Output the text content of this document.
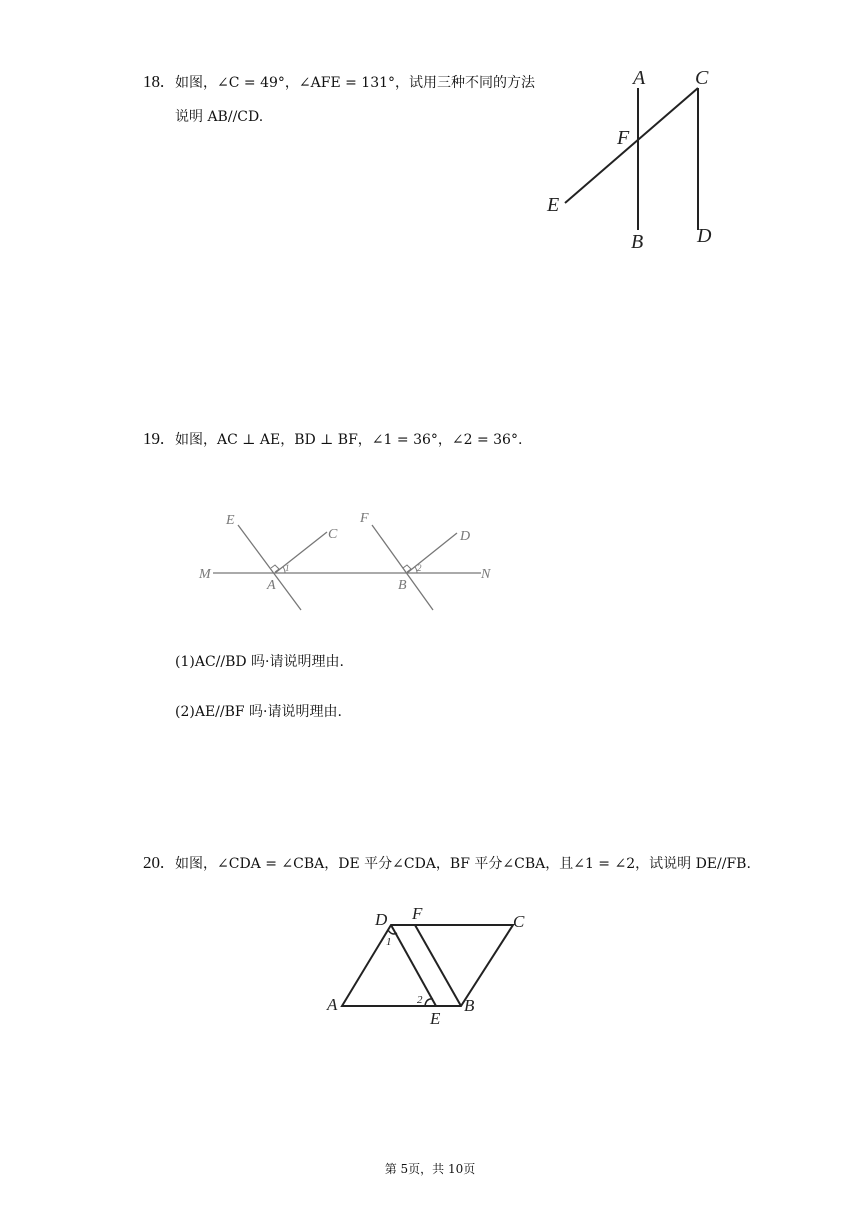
18. 如图，∠C = 49°，∠AFE = 131°，试用三种不同的方法
说明 AB//CD.
A C
F
E
B	D
19. 如图，AC ⊥ AE，BD ⊥ BF，∠1 = 36°，∠2 = 36°.
E
C
F
D
M
A	B
N
1	2
(1)AC//BD 吗·请说明理由.
(2)AE//BF 吗·请说明理由.
20. 如图，∠CDA = ∠CBA，DE 平分∠CDA，BF 平分∠CBA，且∠1 = ∠2，试说明 DE//FB.
D F	C
A
E
B
1
2
第 5页，共 10页
